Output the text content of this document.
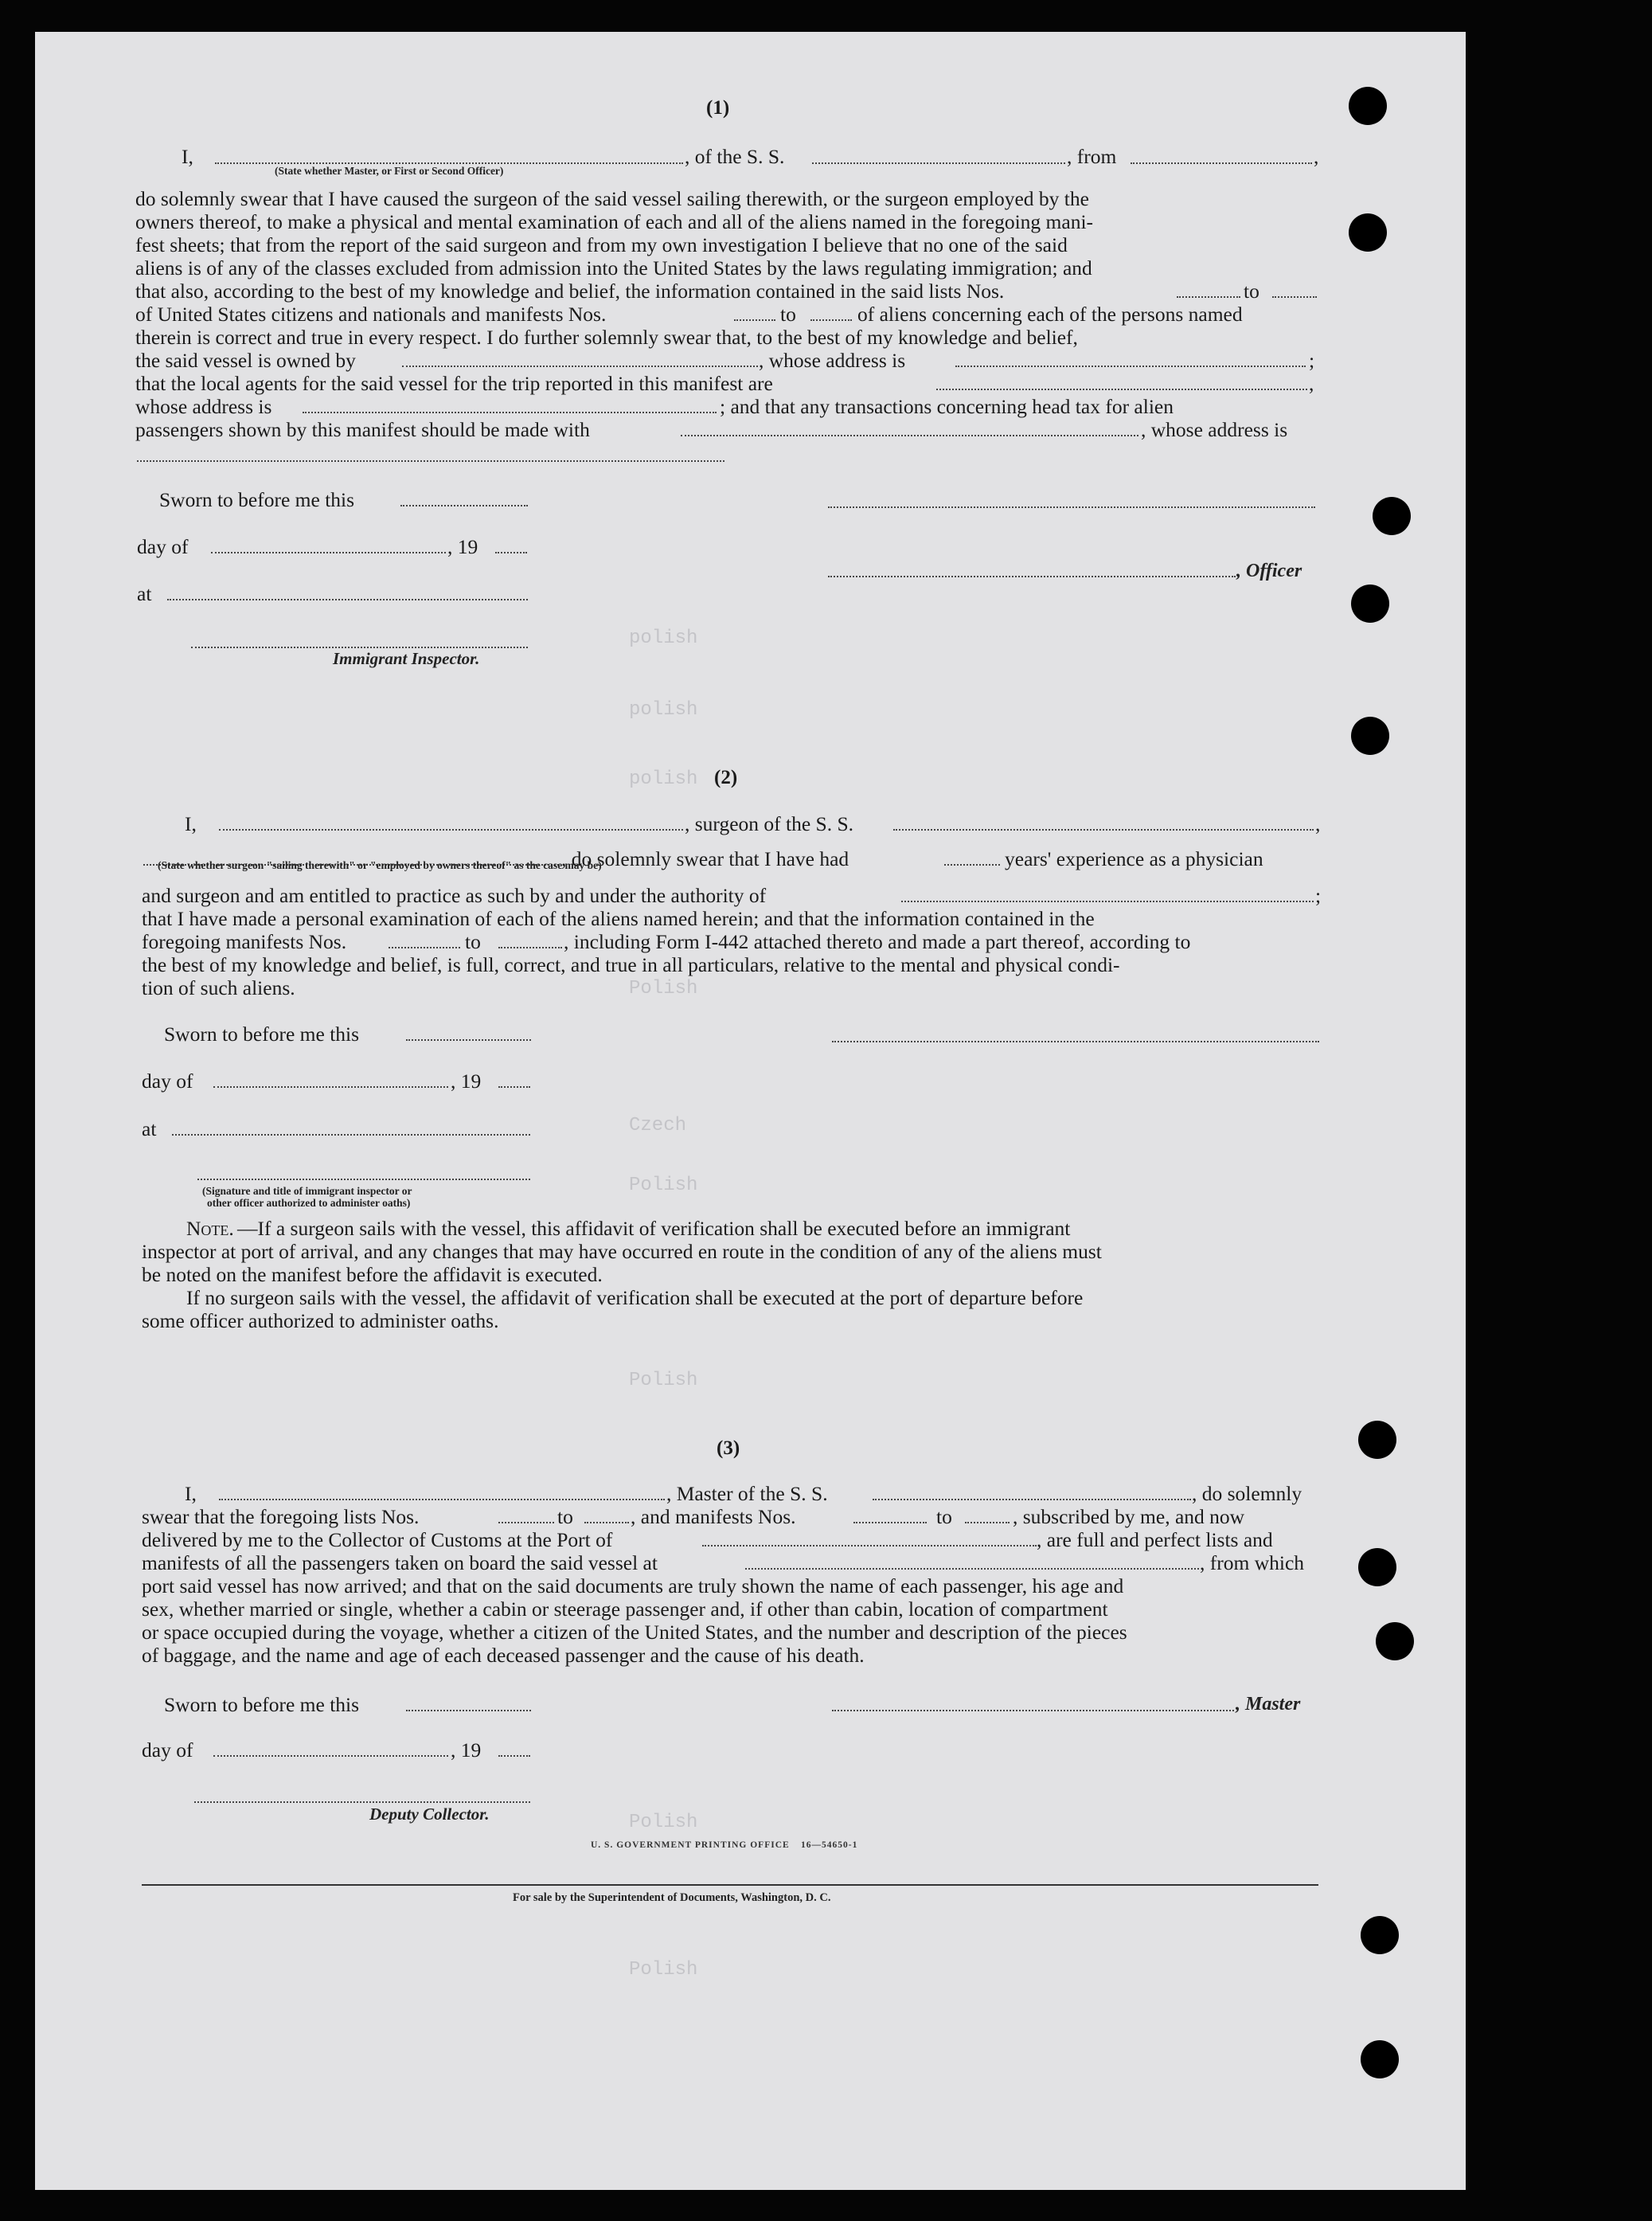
polish
polish
polish
Polish
Czech
Polish
Polish
Polish
Polish
(1)
I,	, of the S. S.	, from	,
(State whether Master, or First or Second Officer)
do solemnly swear that I have caused the surgeon of the said vessel sailing therewith, or the surgeon employed by the
owners thereof, to make a physical and mental examination of each and all of the aliens named in the foregoing mani-
fest sheets; that from the report of the said surgeon and from my own investigation I believe that no one of the said
aliens is of any of the classes excluded from admission into the United States by the laws regulating immigration; and
that also, according to the best of my knowledge and belief, the information contained in the said lists Nos.	to
of United States citizens and nationals and manifests Nos.	to	of aliens concerning each of the persons named
therein is correct and true in every respect. I do further solemnly swear that, to the best of my knowledge and belief,
the said vessel is owned by	, whose address is	;
that the local agents for the said vessel for the trip reported in this manifest are	,
whose address is	; and that any transactions concerning head tax for alien
passengers shown by this manifest should be made with	, whose address is
Sworn to before me this
day of	, 19
, Officer
at
Immigrant Inspector.
(2)
I,	, surgeon of the S. S.	,
, do solemnly swear that I have had	years' experience as a physician
(State whether surgeon "sailing therewith" or "employed by owners thereof" as the case may be)
and surgeon and am entitled to practice as such by and under the authority of	;
that I have made a personal examination of each of the aliens named herein; and that the information contained in the
foregoing manifests Nos.	to	, including Form I-442 attached thereto and made a part thereof, according to
the best of my knowledge and belief, is full, correct, and true in all particulars, relative to the mental and physical condi-
tion of such aliens.
Sworn to before me this
day of	, 19
at
(Signature and title of immigrant inspector or
other officer authorized to administer oaths)
Note. —If a surgeon sails with the vessel, this affidavit of verification shall be executed before an immigrant
inspector at port of arrival, and any changes that may have occurred en route in the condition of any of the aliens must
be noted on the manifest before the affidavit is executed.
If no surgeon sails with the vessel, the affidavit of verification shall be executed at the port of departure before
some officer authorized to administer oaths.
(3)
I,	, Master of the S. S.	, do solemnly
swear that the foregoing lists Nos.	to	, and manifests Nos.	to	, subscribed by me, and now
delivered by me to the Collector of Customs at the Port of	, are full and perfect lists and
manifests of all the passengers taken on board the said vessel at	, from which
port said vessel has now arrived; and that on the said documents are truly shown the name of each passenger, his age and
sex, whether married or single, whether a cabin or steerage passenger and, if other than cabin, location of compartment
or space occupied during the voyage, whether a citizen of the United States, and the number and description of the pieces
of baggage, and the name and age of each deceased passenger and the cause of his death.
Sworn to before me this	, Master
day of	, 19
Deputy Collector.
U. S. GOVERNMENT PRINTING OFFICE 16—54650-1
For sale by the Superintendent of Documents, Washington, D. C.
